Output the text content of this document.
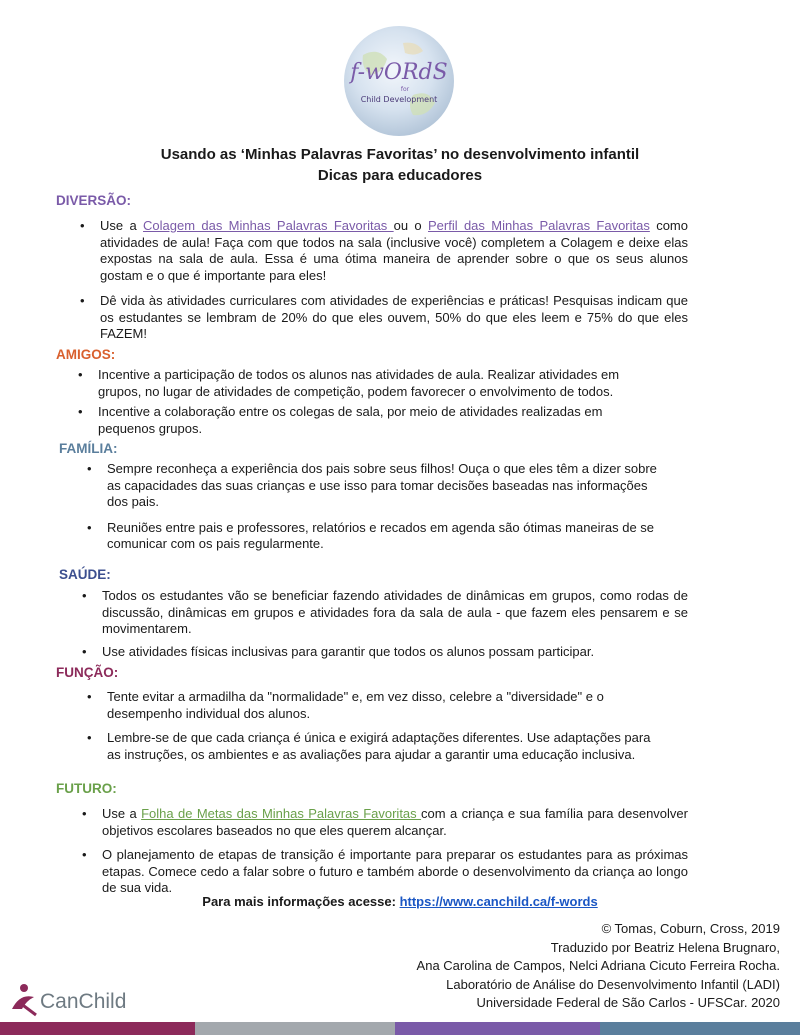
f-wORdS
for
Child Development
Usando as ‘Minhas Palavras Favoritas’ no desenvolvimento infantil
Dicas para educadores
DIVERSÃO:
• Use a Colagem das Minhas Palavras Favoritas ou o Perfil das Minhas Palavras Favoritas como atividades de aula! Faça com que todos na sala (inclusive você) completem a Colagem e deixe elas expostas na sala de aula. Essa é uma ótima maneira de aprender sobre o que os seus alunos gostam e o que é importante para eles!
• Dê vida às atividades curriculares com atividades de experiências e práticas! Pesquisas indicam que os estudantes se lembram de 20% do que eles ouvem, 50% do que eles leem e 75% do que eles FAZEM!
AMIGOS:
• Incentive a participação de todos os alunos nas atividades de aula. Realizar atividades em grupos, no lugar de atividades de competição, podem favorecer o envolvimento de todos.
• Incentive a colaboração entre os colegas de sala, por meio de atividades realizadas em pequenos grupos.
FAMÍLIA:
• Sempre reconheça a experiência dos pais sobre seus filhos! Ouça o que eles têm a dizer sobre as capacidades das suas crianças e use isso para tomar decisões baseadas nas informações dos pais.
• Reuniões entre pais e professores, relatórios e recados em agenda são ótimas maneiras de se comunicar com os pais regularmente.
SAÚDE:
• Todos os estudantes vão se beneficiar fazendo atividades de dinâmicas em grupos, como rodas de discussão, dinâmicas em grupos e atividades fora da sala de aula - que fazem eles pensarem e se movimentarem.
• Use atividades físicas inclusivas para garantir que todos os alunos possam participar.
FUNÇÃO:
• Tente evitar a armadilha da "normalidade" e, em vez disso, celebre a "diversidade" e o desempenho individual dos alunos.
• Lembre-se de que cada criança é única e exigirá adaptações diferentes. Use adaptações para as instruções, os ambientes e as avaliações para ajudar a garantir uma educação inclusiva.
FUTURO:
• Use a Folha de Metas das Minhas Palavras Favoritas com a criança e sua família para desenvolver objetivos escolares baseados no que eles querem alcançar.
• O planejamento de etapas de transição é importante para preparar os estudantes para as próximas etapas. Comece cedo a falar sobre o futuro e também aborde o desenvolvimento da criança ao longo de sua vida.
Para mais informações acesse: https://www.canchild.ca/f-words
© Tomas, Coburn, Cross, 2019
Traduzido por Beatriz Helena Brugnaro,
Ana Carolina de Campos, Nelci Adriana Cicuto Ferreira Rocha.
Laboratório de Análise do Desenvolvimento Infantil (LADI)
Universidade Federal de São Carlos - UFSCar. 2020
CanChild
